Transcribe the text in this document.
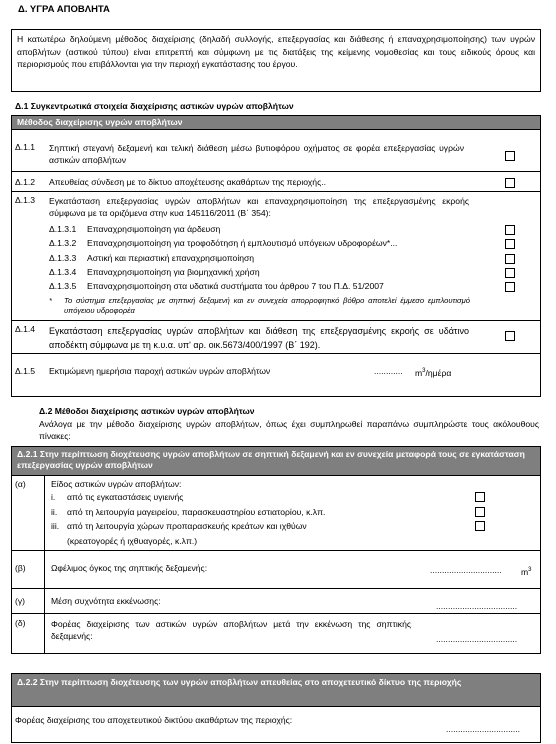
Δ. ΥΓΡΑ ΑΠΟΒΛΗΤΑ
Η κατωτέρω δηλούμενη μέθοδος διαχείρισης (δηλαδή συλλογής, επεξεργασίας και διάθεσης ή επαναχρησιμοποίησης) των υγρών αποβλήτων (αστικού τύπου) είναι επιτρεπτή και σύμφωνη με τις διατάξεις της κείμενης νομοθεσίας και τους ειδικούς όρους και περιορισμούς που επιβάλλονται για την περιοχή εγκατάστασης του έργου.
Δ.1 Συγκεντρωτικά στοιχεία διαχείρισης αστικών υγρών αποβλήτων
Μέθοδος διαχείρισης υγρών αποβλήτων
Δ.1.1 Σηπτική στεγανή δεξαμενή και τελική διάθεση μέσω βυτιοφόρου οχήματος σε φορέα επεξεργασίας υγρών αστικών αποβλήτων
Δ.1.2 Απευθείας σύνδεση με το δίκτυο αποχέτευσης ακαθάρτων της περιοχής..
Δ.1.3 Εγκατάσταση επεξεργασίας υγρών αποβλήτων και επαναχρησιμοποίηση της επεξεργασμένης εκροής σύμφωνα με τα οριζόμενα στην κυα 145116/2011 (Β΄ 354):
Δ.1.3.1 Επαναχρησιμοποίηση για άρδευση
Δ.1.3.2 Επαναχρησιμοποίηση για τροφοδότηση ή εμπλουτισμό υπόγειων υδροφορέων*...
Δ.1.3.3 Αστική και περιαστική επαναχρησιμοποίηση
Δ.1.3.4 Επαναχρησιμοποίηση για βιομηχανική χρήση
Δ.1.3.5 Επαναχρησιμοποίηση στα υδατικά συστήματα του άρθρου 7 του Π.Δ. 51/2007
* Το σύστημα επεξεργασίας με σηπτική δεξαμενή και εν συνεχεία απορροφητικό βόθρο αποτελεί έμμεσο εμπλουτισμό υπόγειου υδροφορέα
Δ.1.4 Εγκατάσταση επεξεργασίας υγρών αποβλήτων και διάθεση της επεξεργασμένης εκροής σε υδάτινο αποδέκτη σύμφωνα με τη κ.υ.α. υπ' αρ. οικ.5673/400/1997 (Β΄ 192).
Δ.1.5 Εκτιμώμενη ημερήσια παροχή αστικών υγρών αποβλήτων	............ $m^3$/ημέρα
Δ.2 Μέθοδοι διαχείρισης αστικών υγρών αποβλήτων
Ανάλογα με την μέθοδο διαχείρισης υγρών αποβλήτων, όπως έχει συμπληρωθεί παραπάνω συμπληρώστε τους ακόλουθους πίνακες:
Δ.2.1 Στην περίπτωση διοχέτευσης υγρών αποβλήτων σε σηπτική δεξαμενή και εν συνεχεία μεταφορά τους σε εγκατάσταση επεξεργασίας υγρών αποβλήτων
(α)	Είδος αστικών υγρών αποβλήτων:
i. από τις εγκαταστάσεις υγιεινής
ii. από τη λειτουργία μαγειρείου, παρασκευαστηρίου εστιατορίου, κ.λπ.
iii. από τη λειτουργία χώρων προπαρασκευής κρεάτων και ιχθύων
(κρεατογορές ή ιχθυαγορές, κ.λπ.)
(β)	Ωφέλιμος όγκος της σηπτικής δεξαμενής:	.............................. $m^3$
(γ)	Μέση συχνότητα εκκένωσης:	..................................
(δ)	Φορέας διαχείρισης των αστικών υγρών αποβλήτων μετά την εκκένωση της σηπτικής δεξαμενής:	..................................
Δ.2.2 Στην περίπτωση διοχέτευσης των υγρών αποβλήτων απευθείας στο αποχετευτικό δίκτυο της περιοχής
Φορέας διαχείρισης του αποχετευτικού δικτύου ακαθάρτων της περιοχής:
...............................
